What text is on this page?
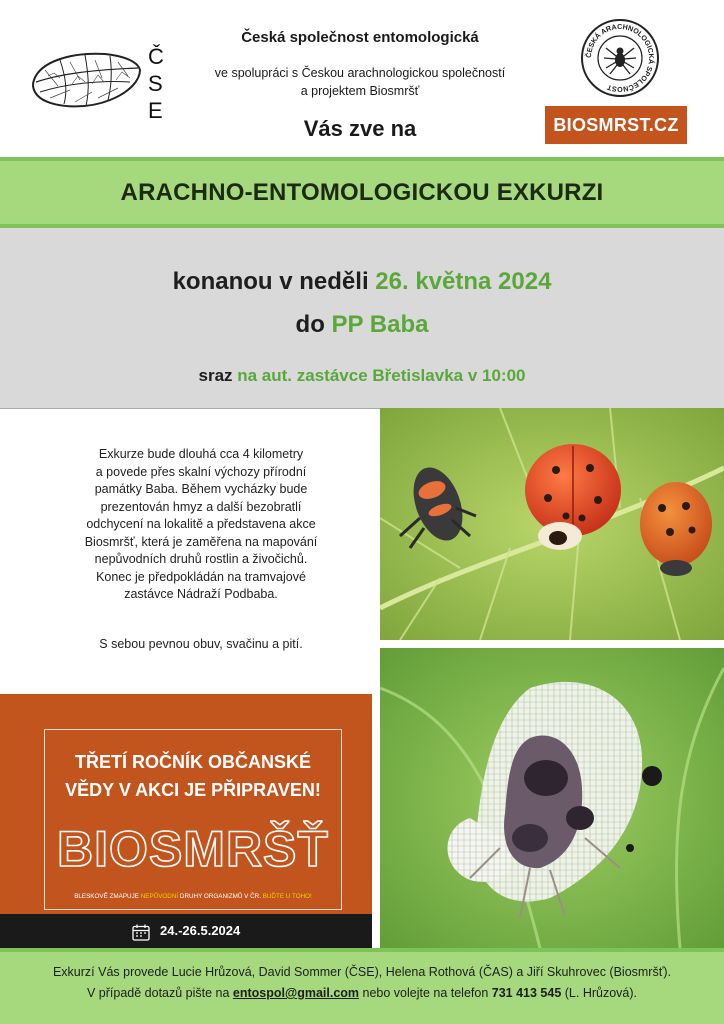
Č
S
E
Česká společnost entomologická
ve spolupráci s Českou arachnologickou společností
a projektem Biosmršť
Vás zve na
ČESKÁ ARACHNOLOGICKÁ SPOLEČNOST
BIOSMRST.CZ
ARACHNO-ENTOMOLOGICKOU EXKURZI
konanou v neděli 26. května 2024
do PP Baba
sraz na aut. zastávce Břetislavka v 10:00
Exkurze bude dlouhá cca 4 kilometry
a povede přes skalní výchozy přírodní
památky Baba. Během vycházky bude
prezentován hmyz a další bezobratlí
odchycení na lokalitě a představena akce
Biosmršť, která je zaměřena na mapování
nepůvodních druhů rostlin a živočichů.
Konec je předpokládán na tramvajové
zastávce Nádraží Podbaba.
S sebou pevnou obuv, svačinu a pití.
TŘETÍ ROČNÍK OBČANSKÉ
VĚDY V AKCI JE PŘIPRAVEN!
BIOSMRŠŤ
BLESKOVĚ ZMAPUJE NEPŮVODNÍ DRUHY ORGANIZMŮ V ČR. BUĎTE U TOHO!
24.-26.5.2024
Exkurzí Vás provede Lucie Hrůzová, David Sommer (ČSE), Helena Rothová (ČAS) a Jiří Skuhrovec (Biosmršť).
V případě dotazů pište na entospol@gmail.com nebo volejte na telefon 731 413 545 (L. Hrůzová).
